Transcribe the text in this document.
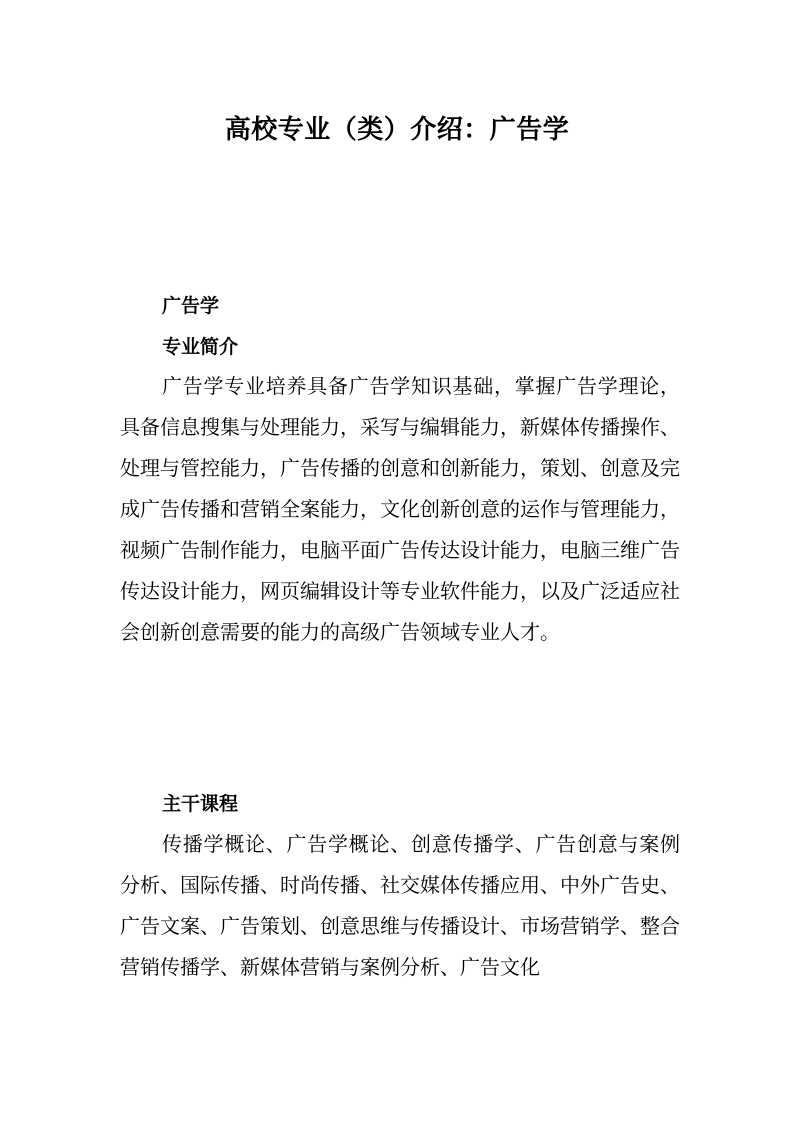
高校专业（类）介绍：广告学
广告学
专业简介

广告学专业培养具备广告学知识基础，掌握广告学理论，具备信息搜集与处理能力，采写与编辑能力，新媒体传播操作、处理与管控能力，广告传播的创意和创新能力，策划、创意及完成广告传播和营销全案能力，文化创新创意的运作与管理能力，视频广告制作能力，电脑平面广告传达设计能力，电脑三维广告传达设计能力，网页编辑设计等专业软件能力，以及广泛适应社会创新创意需要的能力的高级广告领域专业人才。

主干课程

传播学概论、广告学概论、创意传播学、广告创意与案例分析、国际传播、时尚传播、社交媒体传播应用、中外广告史、广告文案、广告策划、创意思维与传播设计、市场营销学、整合营销传播学、新媒体营销与案例分析、广告文化
